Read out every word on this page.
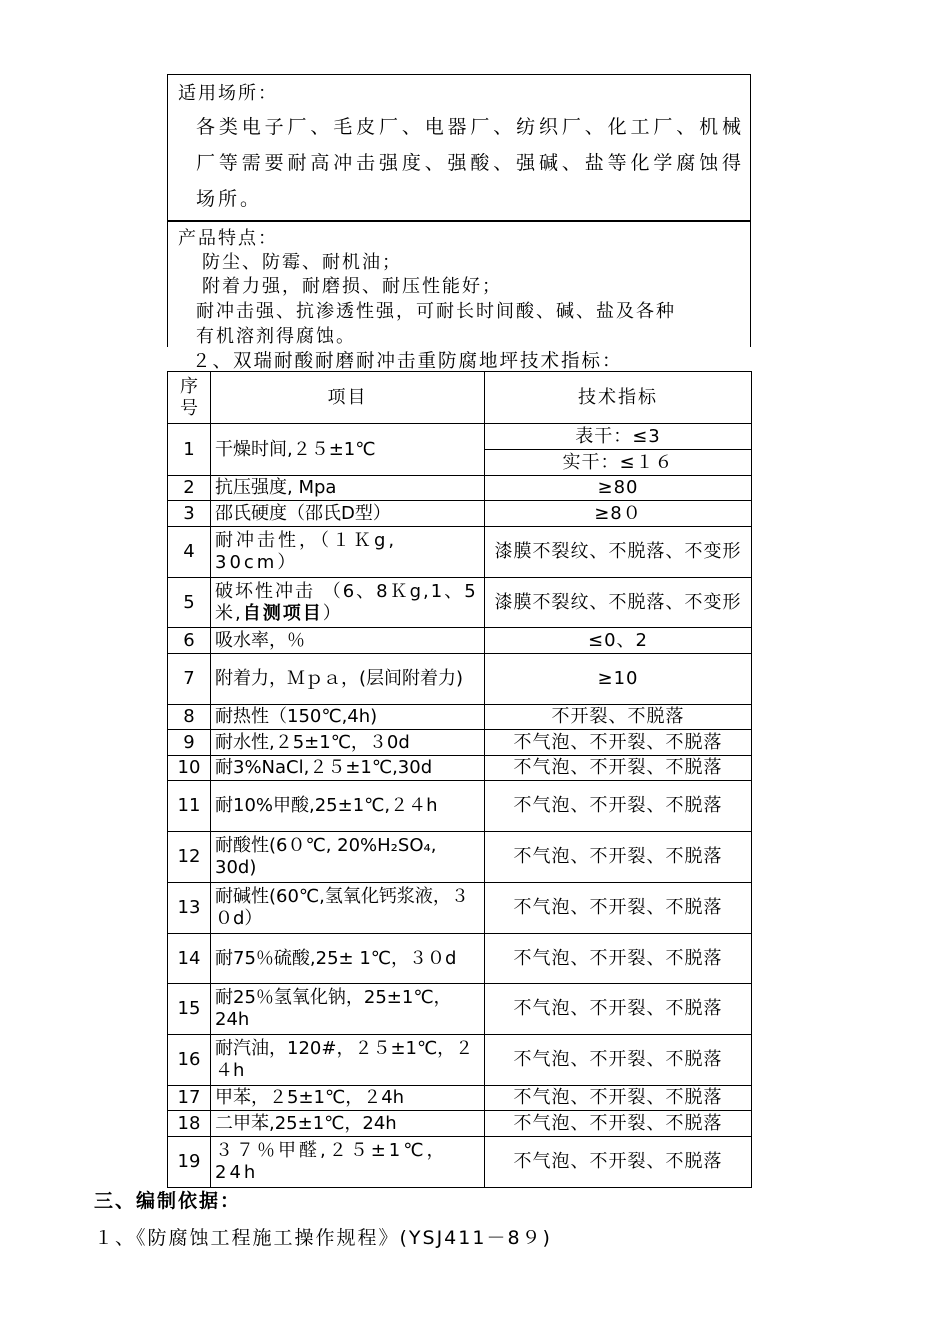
适用场所：
各类电子厂、毛皮厂、电器厂、纺织厂、化工厂、机械厂等需要耐高冲击强度、强酸、强碱、盐等化学腐蚀得场所。
产品特点：
防尘、防霉、耐机油；
附着力强，耐磨损、耐压性能好；
耐冲击强、抗渗透性强，可耐长时间酸、碱、盐及各种
有机溶剂得腐蚀。
２、双瑞耐酸耐磨耐冲击重防腐地坪技术指标：
序号	项目	技术指标
1	干燥时间,２５±1℃	表干：≤3
		实干：≤１６
2	抗压强度, Mpa	≥80
3	邵氏硬度（邵氏D型）	≥8０
4	耐冲击性，（１Ｋg, 30cm）	漆膜不裂纹、不脱落、不变形
5	破坏性冲击 （6、8Ｋg,1、5米,自测项目）	漆膜不裂纹、不脱落、不变形
6	吸水率，％	≤0、2
7	附着力，Ｍｐａ，(层间附着力)	≥10
8	耐热性（150℃,4h)	不开裂、不脱落
9	耐水性,２5±1℃，３0d	不气泡、不开裂、不脱落
10	耐3%NaCl,２５±1℃,30d	不气泡、不开裂、不脱落
11	耐10%甲酸,25±1℃,２４h	不气泡、不开裂、不脱落
12	耐酸性(6０℃, 20%H₂SO₄, 30d)	不气泡、不开裂、不脱落
13	耐碱性(60℃,氢氧化钙浆液，３０d）	不气泡、不开裂、不脱落
14	耐75％硫酸,25± 1℃，３０d	不气泡、不开裂、不脱落
15	耐25％氢氧化钠，25±1℃，24h	不气泡、不开裂、不脱落
16	耐汽油，120#，２５±1℃，２４h	不气泡、不开裂、不脱落
17	甲苯，２5±1℃，２4h	不气泡、不开裂、不脱落
18	二甲苯,25±1℃，24h	不气泡、不开裂、不脱落
19	３７％甲醛,２５±1℃，24h	不气泡、不开裂、不脱落
三、编制依据：
１、《防腐蚀工程施工操作规程》(YSJ411－8９)
